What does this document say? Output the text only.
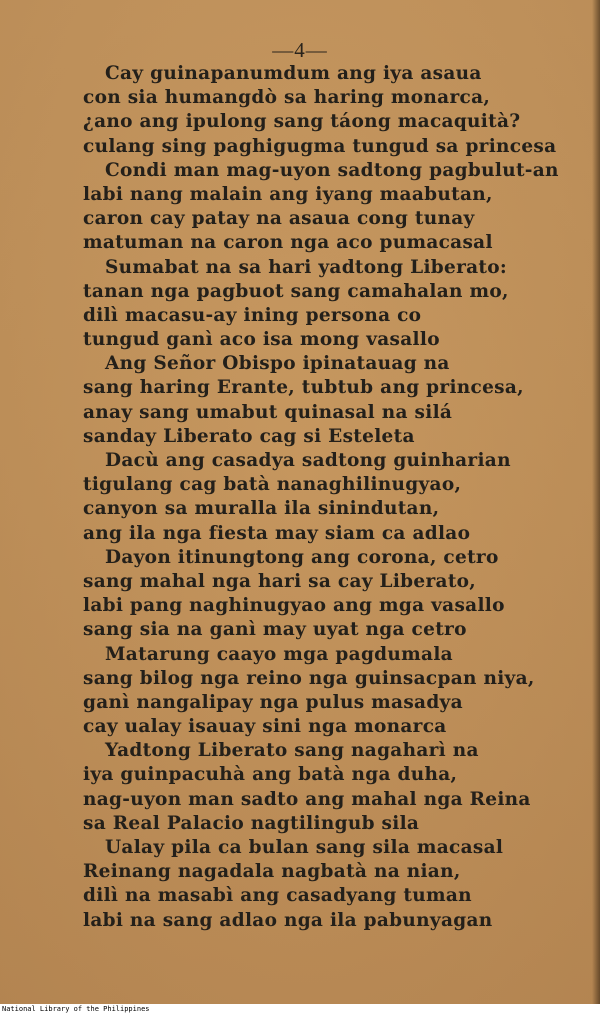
—4—
Cay guinapanumdum ang iya asaua
con sia humangdò sa haring monarca,
¿ano ang ipulong sang táong macaquità?
culang sing paghigugma tungud sa princesa
Condi man mag-uyon sadtong pagbulut-an
labi nang malain ang iyang maabutan,
caron cay patay na asaua cong tunay
matuman na caron nga aco pumacasal
Sumabat na sa hari yadtong Liberato:
tanan nga pagbuot sang camahalan mo,
dilì macasu-ay ining persona co
tungud ganì aco isa mong vasallo
Ang Señor Obispo ipinatauag na
sang haring Erante, tubtub ang princesa,
anay sang umabut quinasal na silá
sanday Liberato cag si Esteleta
Dacù ang casadya sadtong guinharian
tigulang cag batà nanaghilinugyao,
canyon sa muralla ila sinindutan,
ang ila nga fiesta may siam ca adlao
Dayon itinungtong ang corona, cetro
sang mahal nga hari sa cay Liberato,
labi pang naghinugyao ang mga vasallo
sang sia na ganì may uyat nga cetro
Matarung caayo mga pagdumala
sang bilog nga reino nga guinsacpan niya,
ganì nangalipay nga pulus masadya
cay ualay isauay sini nga monarca
Yadtong Liberato sang nagaharì na
iya guinpacuhà ang batà nga duha,
nag-uyon man sadto ang mahal nga Reina
sa Real Palacio nagtilingub sila
Ualay pila ca bulan sang sila macasal
Reinang nagadala nagbatà na nian,
dilì na masabì ang casadyang tuman
labi na sang adlao nga ila pabunyagan
National Library of the Philippines
